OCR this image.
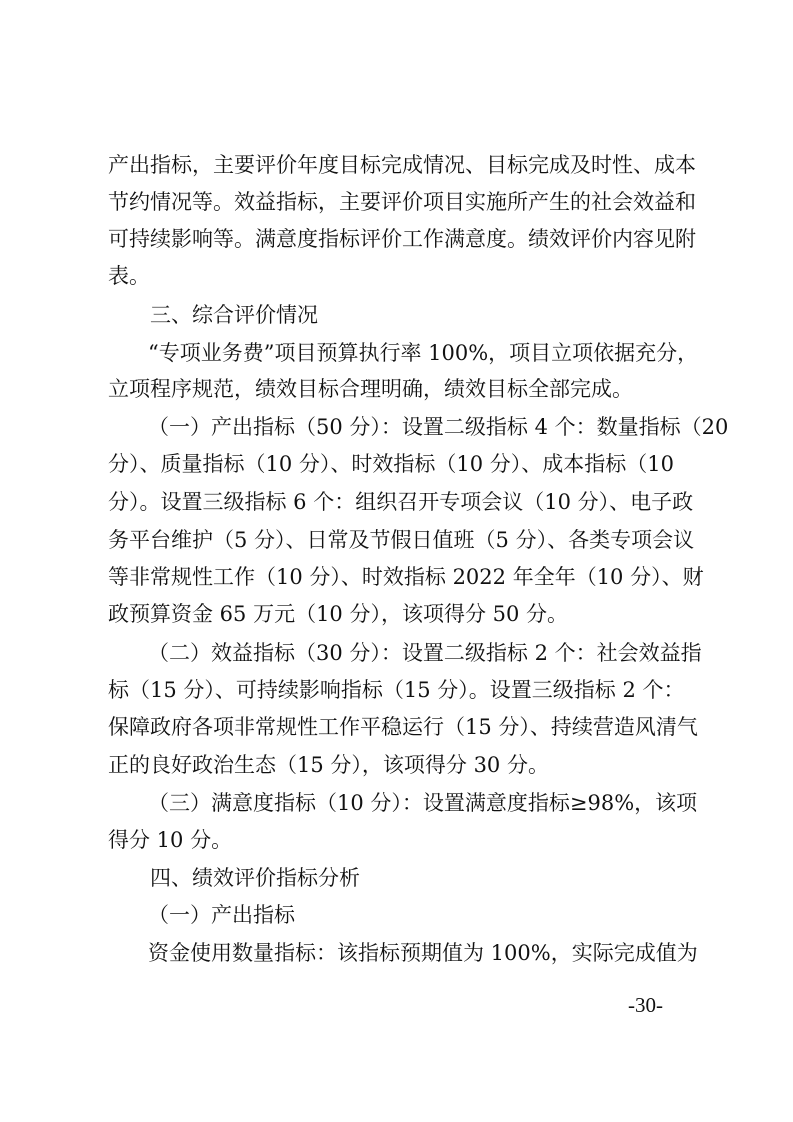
产出指标，主要评价年度目标完成情况、目标完成及时性、成本
节约情况等。效益指标，主要评价项目实施所产生的社会效益和
可持续影响等。满意度指标评价工作满意度。绩效评价内容见附
表。
三、综合评价情况
“专项业务费”项目预算执行率 100%，项目立项依据充分，
立项程序规范，绩效目标合理明确，绩效目标全部完成。
（一）产出指标（50 分）：设置二级指标 4 个：数量指标（20
分）、质量指标（10 分）、时效指标（10 分）、成本指标（10
分）。设置三级指标 6 个：组织召开专项会议（10 分）、电子政
务平台维护（5 分）、日常及节假日值班（5 分）、各类专项会议
等非常规性工作（10 分）、时效指标 2022 年全年（10 分）、财
政预算资金 65 万元（10 分），该项得分 50 分。
（二）效益指标（30 分）：设置二级指标 2 个：社会效益指
标（15 分）、可持续影响指标（15 分）。设置三级指标 2 个：
保障政府各项非常规性工作平稳运行（15 分）、持续营造风清气
正的良好政治生态（15 分），该项得分 30 分。
（三）满意度指标（10 分）：设置满意度指标≥98%，该项
得分 10 分。
四、绩效评价指标分析
（一）产出指标
资金使用数量指标：该指标预期值为 100%，实际完成值为
-30-
